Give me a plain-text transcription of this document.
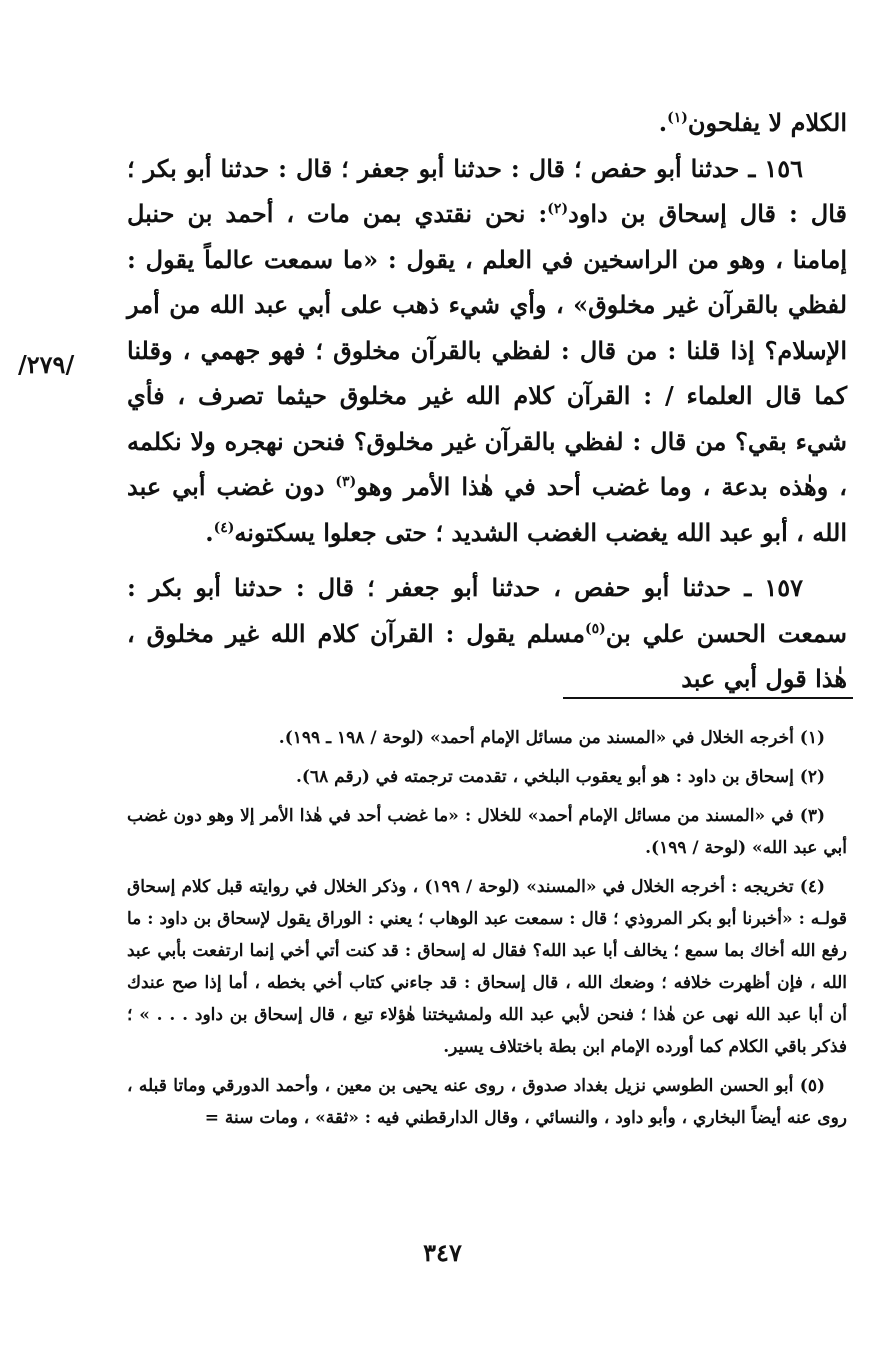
الكلام لا يفلحون$^{(١)}$.

١٥٦ ـ حدثنا أبو حفص ؛ قال : حدثنا أبو جعفر ؛ قال : حدثنا أبو بكر ؛ قال : قال إسحاق بن داود$^{(٢)}$: نحن نقتدي بمن مات ، أحمد بن حنبل إمامنا ، وهو من الراسخين في العلم ، يقول : «ما سمعت عالماً يقول : لفظي بالقرآن غير مخلوق» ، وأي شيء ذهب على أبي عبد الله من أمر الإسلام؟ إذا قلنا : من قال : لفظي بالقرآن مخلوق ؛ فهو جهمي ، وقلنا كما قال العلماء / : القرآن كلام الله غير مخلوق حيثما تصرف ، فأي شيء بقي؟ من قال : لفظي بالقرآن غير مخلوق؟ فنحن نهجره ولا نكلمه ، وهٰذه بدعة ، وما غضب أحد في هٰذا الأمر وهو$^{(٣)}$ دون غضب أبي عبد الله ، أبو عبد الله يغضب الغضب الشديد ؛ حتى جعلوا يسكتونه$^{(٤)}$.

١٥٧ ـ حدثنا أبو حفص ، حدثنا أبو جعفر ؛ قال : حدثنا أبو بكر : سمعت الحسن علي بن$^{(٥)}$مسلم يقول : القرآن كلام الله غير مخلوق ، هٰذا قول أبي عبد

/٢٧٩/

(١) أخرجه الخلال في «المسند من مسائل الإمام أحمد» (لوحة / ١٩٨ ـ ١٩٩).

(٢) إسحاق بن داود : هو أبو يعقوب البلخي ، تقدمت ترجمته في (رقم ٦٨).

(٣) في «المسند من مسائل الإمام أحمد» للخلال : «ما غضب أحد في هٰذا الأمر إلا وهو دون غضب أبي عبد الله» (لوحة / ١٩٩).

(٤) تخريجه : أخرجه الخلال في «المسند» (لوحة / ١٩٩) ، وذكر الخلال في روايته قبل كلام إسحاق قولـه : «أخبرنا أبو بكر المروذي ؛ قال : سمعت عبد الوهاب ؛ يعني : الوراق يقول لإسحاق بن داود : ما رفع الله أخاك بما سمع ؛ يخالف أبا عبد الله؟ فقال له إسحاق : قد كنت أتي أخي إنما ارتفعت بأبي عبد الله ، فإن أظهرت خلافه ؛ وضعك الله ، قال إسحاق : قد جاءني كتاب أخي بخطه ، أما إذا صح عندك أن أبا عبد الله نهى عن هٰذا ؛ فنحن لأبي عبد الله ولمشيختنا هٰؤلاء تبع ، قال إسحاق بن داود . . . » ؛ فذكر باقي الكلام كما أورده الإمام ابن بطة باختلاف يسير.

(٥) أبو الحسن الطوسي نزيل بغداد صدوق ، روى عنه يحيى بن معين ، وأحمد الدورقي وماتا قبله ، روى عنه أيضاً البخاري ، وأبو داود ، والنسائي ، وقال الدارقطني فيه : «ثقة» ، ومات سنة =

٣٤٧
